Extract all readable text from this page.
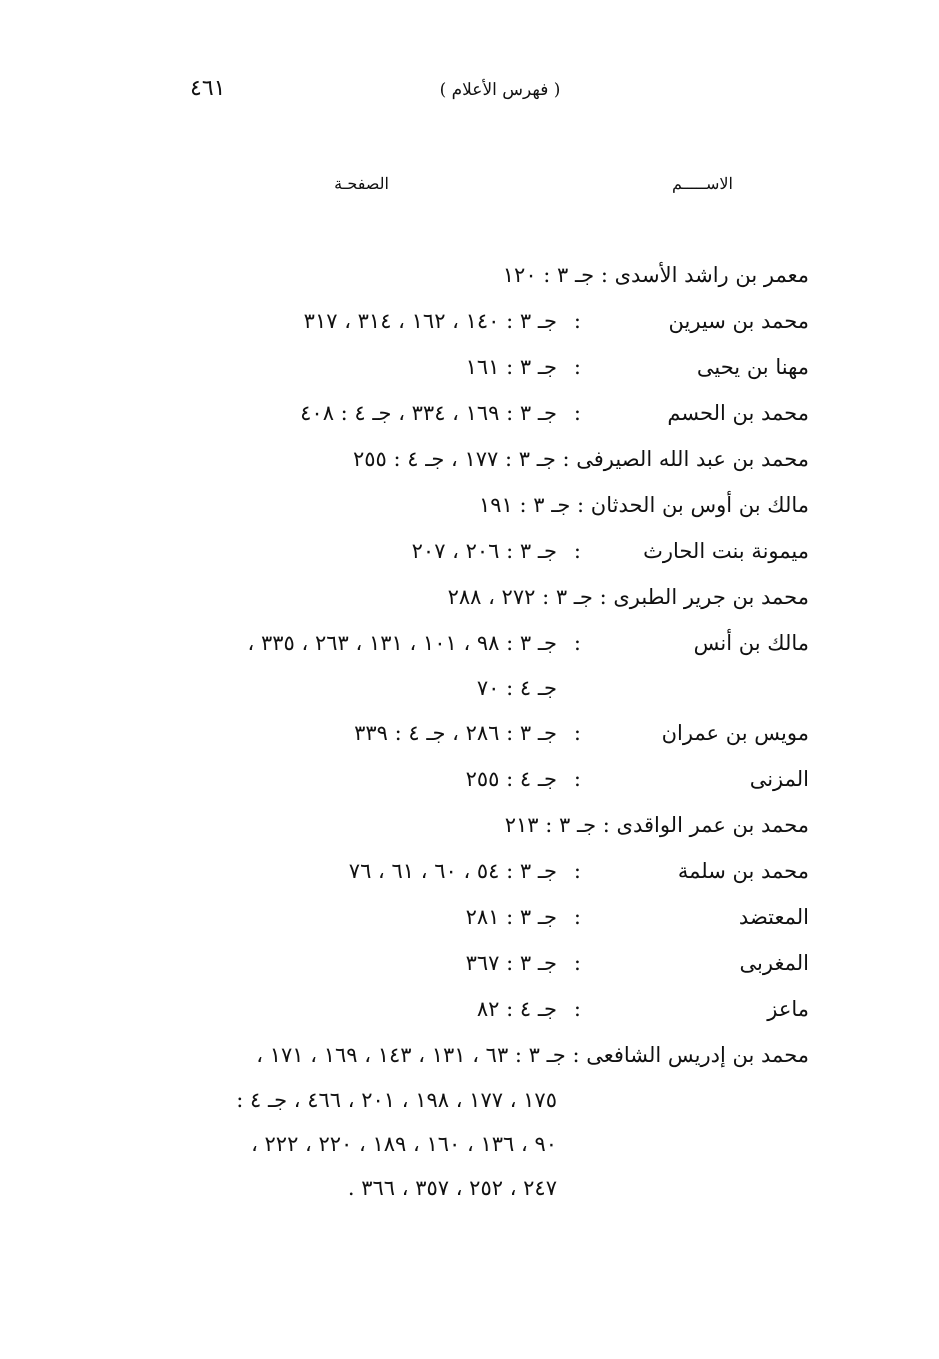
٤٦١	( فهرس الأعلام )
الاســـــم
الصفحـة
معمر بن راشد الأسدى : جـ ٣ : ١٢٠
محمد بن سيرين
:
جـ ٣ : ١٤٠ ، ١٦٢ ، ٣١٤ ، ٣١٧
مهنا بن يحيى
:
جـ ٣ : ١٦١
محمد بن الحسم
:
جـ ٣ : ١٦٩ ، ٣٣٤ ، جـ ٤ : ٤٠٨
محمد بن عبد الله الصيرفى : جـ ٣ : ١٧٧ ، جـ ٤ : ٢٥٥
مالك بن أوس بن الحدثان : جـ ٣ : ١٩١
ميمونة بنت الحارث
:
جـ ٣ : ٢٠٦ ، ٢٠٧
محمد بن جرير الطبرى : جـ ٣ : ٢٧٢ ، ٢٨٨
مالك بن أنس
:
جـ ٣ : ٩٨ ، ١٠١ ، ١٣١ ، ٢٦٣ ، ٣٣٥ ،
جـ ٤ : ٧٠
مويس بن عمران
:
جـ ٣ : ٢٨٦ ، جـ ٤ : ٣٣٩
المزنى
:
جـ ٤ : ٢٥٥
محمد بن عمر الواقدى : جـ ٣ : ٢١٣
محمد بن سلمة
:
جـ ٣ : ٥٤ ، ٦٠ ، ٦١ ، ٧٦
المعتضد
:
جـ ٣ : ٢٨١
المغربى
:
جـ ٣ : ٣٦٧
ماعز
:
جـ ٤ : ٨٢
محمد بن إدريس الشافعى : جـ ٣ : ٦٣ ، ١٣١ ، ١٤٣ ، ١٦٩ ، ١٧١ ،
١٧٥ ، ١٧٧ ، ١٩٨ ، ٢٠١ ، ٤٦٦ ، جـ ٤ :
٩٠ ، ١٣٦ ، ١٦٠ ، ١٨٩ ، ٢٢٠ ، ٢٢٢ ،
٢٤٧ ، ٢٥٢ ، ٣٥٧ ، ٣٦٦ .
